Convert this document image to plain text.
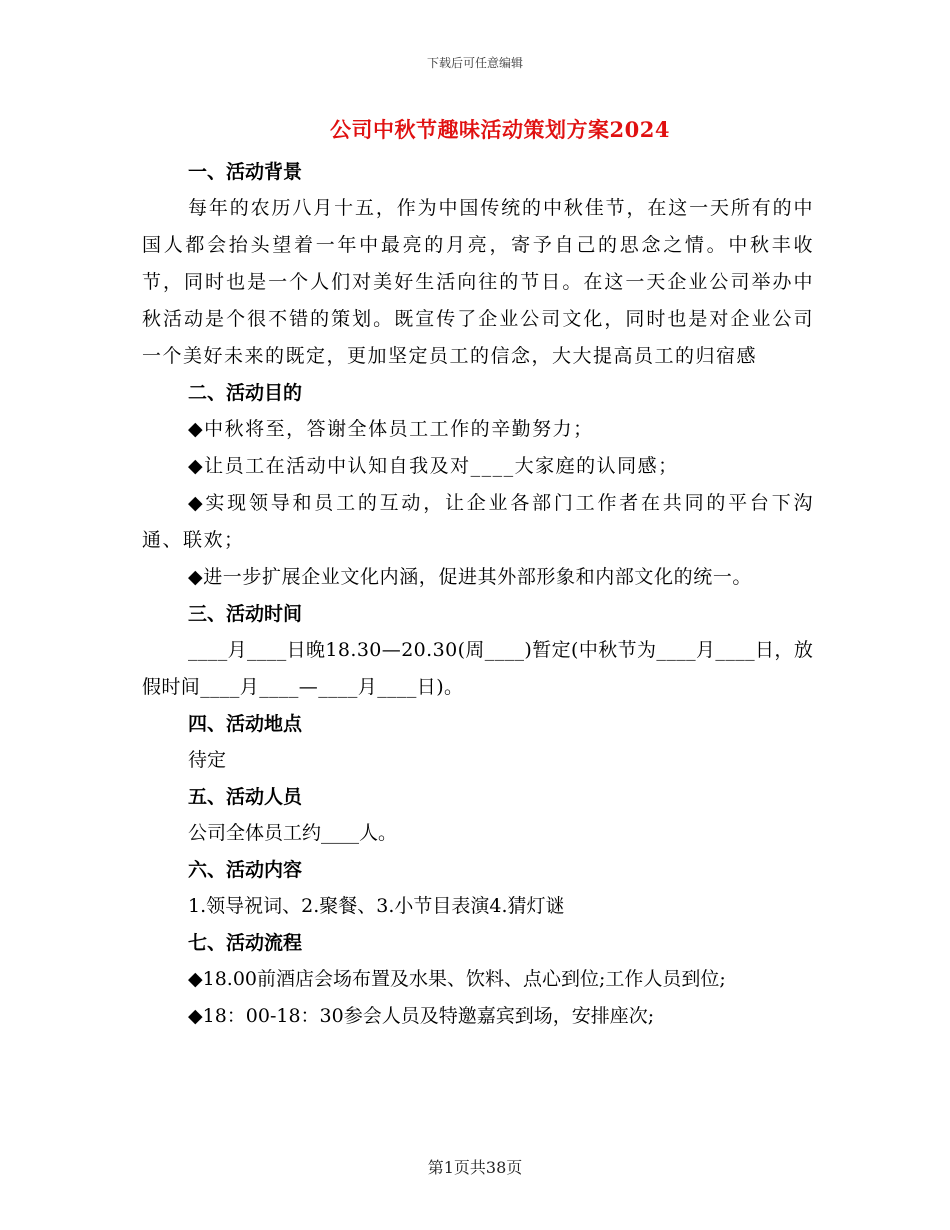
下载后可任意编辑
公司中秋节趣味活动策划方案2024
一、活动背景

每年的农历八月十五，作为中国传统的中秋佳节，在这一天所有的中国人都会抬头望着一年中最亮的月亮，寄予自己的思念之情。中秋丰收节，同时也是一个人们对美好生活向往的节日。在这一天企业公司举办中秋活动是个很不错的策划。既宣传了企业公司文化，同时也是对企业公司一个美好未来的既定，更加坚定员工的信念，大大提高员工的归宿感

二、活动目的

◆中秋将至，答谢全体员工工作的辛勤努力；

◆让员工在活动中认知自我及对____大家庭的认同感；

◆实现领导和员工的互动，让企业各部门工作者在共同的平台下沟通、联欢；

◆进一步扩展企业文化内涵，促进其外部形象和内部文化的统一。

三、活动时间

____月____日晚18.30—20.30(周____)暂定(中秋节为____月____日，放假时间____月____—____月____日)。

四、活动地点
待定
五、活动人员
公司全体员工约____人。
六、活动内容
1.领导祝词、2.聚餐、3.小节目表演4.猜灯谜
七、活动流程
◆18.00前酒店会场布置及水果、饮料、点心到位;工作人员到位;
◆18：00-18：30参会人员及特邀嘉宾到场，安排座次;
第1页共38页
